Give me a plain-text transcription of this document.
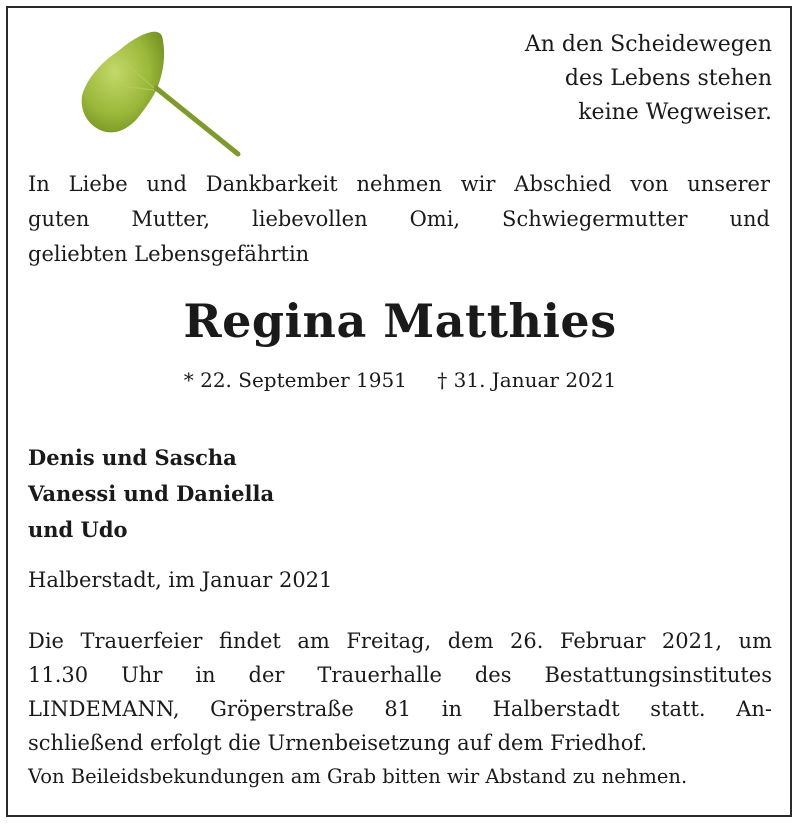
An den Scheidewegen
des Lebens stehen
keine Wegweiser.
In Liebe und Dankbarkeit nehmen wir Abschied von unserer
guten Mutter, liebevollen Omi, Schwiegermutter und
geliebten Lebensgefährtin
Regina Matthies
* 22. September 1951 † 31. Januar 2021
Denis und Sascha
Vanessi und Daniella
und Udo
Halberstadt, im Januar 2021
Die Trauerfeier findet am Freitag, dem 26. Februar 2021, um
11.30 Uhr in der Trauerhalle des Bestattungsinstitutes
LINDEMANN, Gröperstraße 81 in Halberstadt statt. An-
schließend erfolgt die Urnenbeisetzung auf dem Friedhof.
Von Beileidsbekundungen am Grab bitten wir Abstand zu nehmen.
